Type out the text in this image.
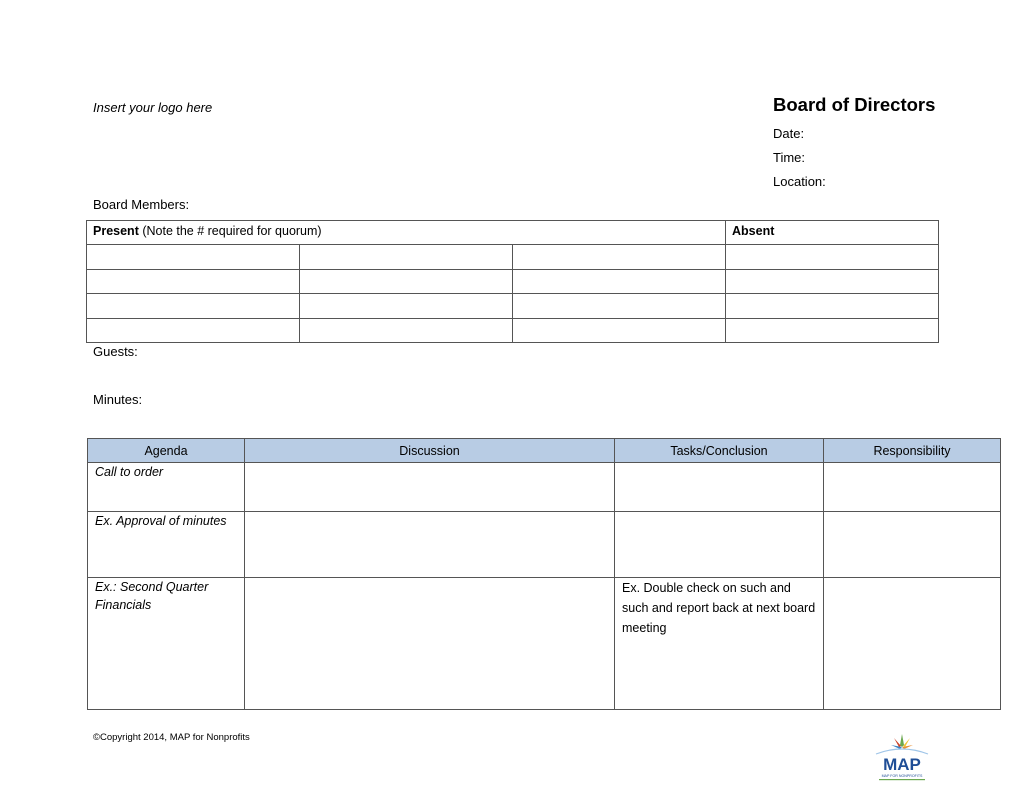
Insert your logo here	Board of Directors
Date:
Time:
Location:
Board Members:
Present (Note the # required for quorum)			Absent

Guests:
Minutes:
Agenda	Discussion	Tasks/Conclusion	Responsibility
Call to order			
Ex. Approval of minutes			
Ex.: Second Quarter Financials		Ex. Double check on such and such and report back at next board meeting	
©Copyright 2014, MAP for Nonprofits
MAP
MAP FOR NONPROFITS
